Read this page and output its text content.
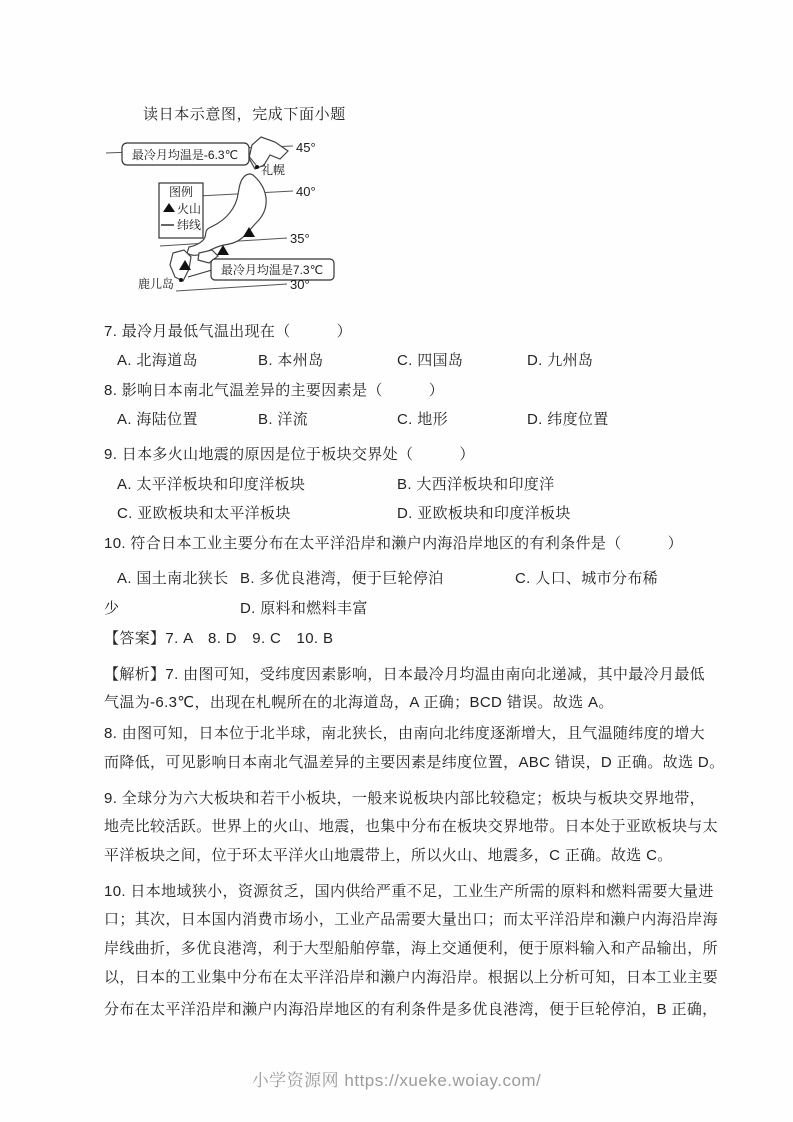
读日本示意图，完成下面小题
图例
火山
纬线
最冷月均温是-6.3℃
最冷月均温是7.3℃
45°
40°
35°
30°
礼幌
鹿儿岛
7. 最冷月最低气温出现在（　　　）
A. 北海道岛	B. 本州岛	C. 四国岛	D. 九州岛
8. 影响日本南北气温差异的主要因素是（　　　）
A. 海陆位置	B. 洋流	C. 地形	D. 纬度位置
9. 日本多火山地震的原因是位于板块交界处（　　　）
A. 太平洋板块和印度洋板块	B. 大西洋板块和印度洋
C. 亚欧板块和太平洋板块	D. 亚欧板块和印度洋板块
10. 符合日本工业主要分布在太平洋沿岸和濑户内海沿岸地区的有利条件是（　　　）
A. 国土南北狭长 B. 多优良港湾，便于巨轮停泊	C. 人口、城市分布稀
少	D. 原料和燃料丰富
【答案】7. A　8. D　9. C　10. B
【解析】7. 由图可知，受纬度因素影响，日本最冷月均温由南向北递减，其中最冷月最低
气温为-6.3℃，出现在札幌所在的北海道岛，A 正确；BCD 错误。故选 A。
8. 由图可知，日本位于北半球，南北狭长，由南向北纬度逐渐增大，且气温随纬度的增大
而降低，可见影响日本南北气温差异的主要因素是纬度位置，ABC 错误，D 正确。故选 D。
9. 全球分为六大板块和若干小板块，一般来说板块内部比较稳定；板块与板块交界地带，
地壳比较活跃。世界上的火山、地震，也集中分布在板块交界地带。日本处于亚欧板块与太
平洋板块之间，位于环太平洋火山地震带上，所以火山、地震多，C 正确。故选 C。
10. 日本地域狭小，资源贫乏，国内供给严重不足，工业生产所需的原料和燃料需要大量进
口；其次，日本国内消费市场小，工业产品需要大量出口；而太平洋沿岸和濑户内海沿岸海
岸线曲折，多优良港湾，利于大型船舶停靠，海上交通便利，便于原料输入和产品输出，所
以，日本的工业集中分布在太平洋沿岸和濑户内海沿岸。根据以上分析可知，日本工业主要
分布在太平洋沿岸和濑户内海沿岸地区的有利条件是多优良港湾，便于巨轮停泊，B 正确，
小学资源网 https://xueke.woiay.com/
